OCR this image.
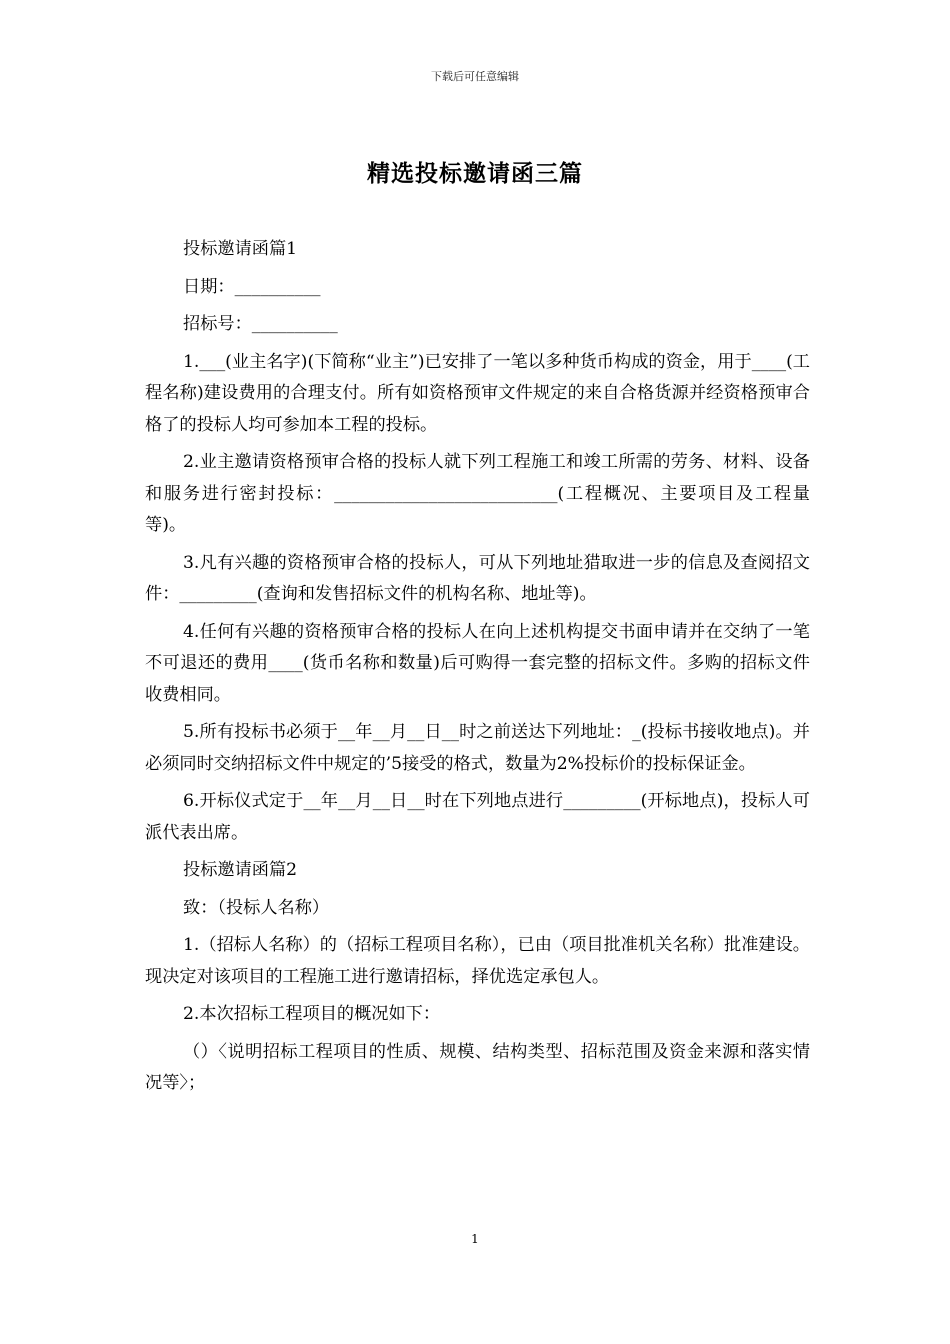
下载后可任意编辑
精选投标邀请函三篇

投标邀请函篇1

日期：__________

招标号：__________

1.___(业主名字)(下简称“业主”)已安排了一笔以多种货币构成的资金，用于____(工程名称)建设费用的合理支付。所有如资格预审文件规定的来自合格货源并经资格预审合格了的投标人均可参加本工程的投标。

2.业主邀请资格预审合格的投标人就下列工程施工和竣工所需的劳务、材料、设备和服务进行密封投标：__________________________(工程概况、主要项目及工程量等)。

3.凡有兴趣的资格预审合格的投标人，可从下列地址猎取进一步的信息及查阅招文件：_________(查询和发售招标文件的机构名称、地址等)。

4.任何有兴趣的资格预审合格的投标人在向上述机构提交书面申请并在交纳了一笔不可退还的费用____(货币名称和数量)后可购得一套完整的招标文件。多购的招标文件收费相同。

5.所有投标书必须于__年__月__日__时之前送达下列地址：_(投标书接收地点)。并必须同时交纳招标文件中规定的’5接受的格式，数量为2%投标价的投标保证金。

6.开标仪式定于__年__月__日__时在下列地点进行_________(开标地点)，投标人可派代表出席。

投标邀请函篇2

致：（投标人名称）

1.（招标人名称）的（招标工程项目名称），已由（项目批准机关名称）批准建设。现决定对该项目的工程施工进行邀请招标，择优选定承包人。

2.本次招标工程项目的概况如下：

（）〈说明招标工程项目的性质、规模、结构类型、招标范围及资金来源和落实情况等〉；

1
